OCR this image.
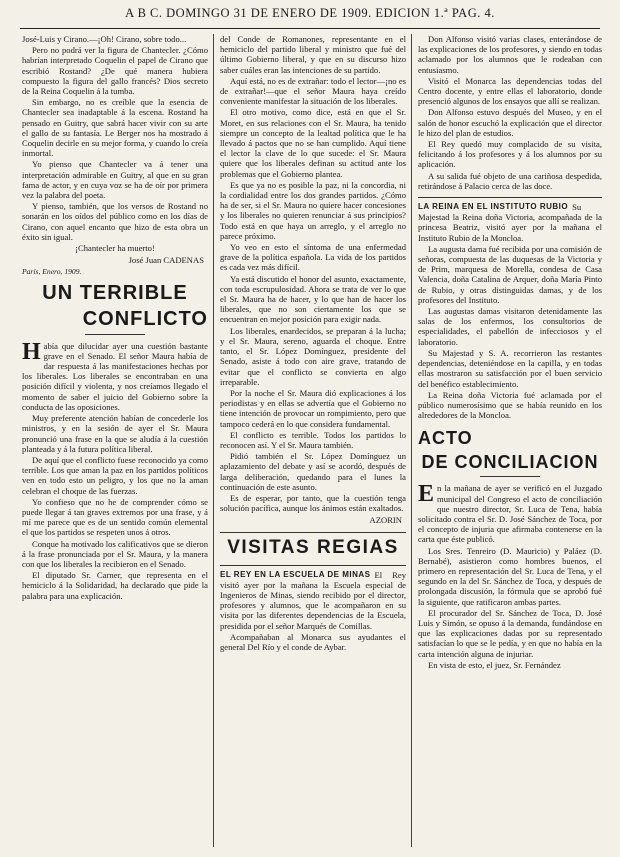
A B C. DOMINGO 31 DE ENERO DE 1909. EDICION 1.ª PAG. 4.

José-Luis y Cirano.—¡Oh! Cirano, sobre todo...

Pero no podrá ver la figura de Chantecler. ¿Cómo habrían interpretado Coquelin el papel de Cirano que escribió Rostand? ¿De qué manera hubiera compuesto la figura del gallo francés? Dios secreto de la Reina Coquelin á la tumba.

Sin embargo, no es creíble que la esencia de Chantecler sea inadaptable á la escena. Rostand ha pensado en Guitry, que sabrá hacer vivir con su arte el gallo de su fantasía. Le Berger nos ha mostrado á Coquelin decirle en su mejor forma, y cuando lo creía inmortal.

Yo pienso que Chantecler va á tener una interpretación admirable en Guitry, al que en su gran fama de actor, y en cuya voz se ha de oír por primera vez la palabra del poeta.

Y pienso, también, que los versos de Rostand no sonarán en los oídos del público como en los días de Cirano, con aquel encanto que hizo de esta obra un éxito sin igual.

¡Chantecler ha muerto!

José Juan CADENAS

París, Enero, 1909.

UN TERRIBLE
CONFLICTO

Había que dilucidar ayer una cuestión bastante grave en el Senado. El señor Maura había de dar respuesta á las manifestaciones hechas por los liberales. Los liberales se encontraban en una posición difícil y violenta, y nos creíamos llegado el momento de saber el juicio del Gobierno sobre la conducta de las oposiciones.

Muy preferente atención habían de concederle los ministros, y en la sesión de ayer el Sr. Maura pronunció una frase en la que se aludía á la cuestión planteada y á la futura política liberal.

De aquí que el conflicto fuese reconocido ya como terrible. Los que aman la paz en los partidos políticos ven en todo esto un peligro, y los que no la aman celebran el choque de las fuerzas.

Yo confieso que no he de comprender cómo se puede llegar á tan graves extremos por una frase, y á mí me parece que es de un sentido común elemental el que los partidos se respeten unos á otros.

Conque ha motivado los calificativos que se dieron á la frase pronunciada por el Sr. Maura, y la manera con que los liberales la recibieron en el Senado.

El diputado Sr. Carner, que representa en el hemiciclo á la Solidaridad, ha declarado que pide la palabra para una explicación.

del Conde de Romanones, representante en el hemiciclo del partido liberal y ministro que fué del último Gobierno liberal, y que en su discurso hizo saber cuáles eran las intenciones de su partido.

Aquí está, no es de extrañar: todo el lector—¡no es de extrañar!—que el señor Maura haya creído conveniente manifestar la situación de los liberales.

El otro motivo, como dice, está en que el Sr. Moret, en sus relaciones con el Sr. Maura, ha tenido siempre un concepto de la lealtad política que le ha llevado á pactos que no se han cumplido. Aquí tiene el lector la clave de lo que sucede: el Sr. Maura quiere que los liberales definan su actitud ante los problemas que el Gobierno plantea.

Es que ya no es posible la paz, ni la concordia, ni la cordialidad entre los dos grandes partidos. ¿Cómo ha de ser, si el Sr. Maura no quiere hacer concesiones y los liberales no quieren renunciar á sus principios? Todo está en que haya un arreglo, y el arreglo no parece próximo.

Yo veo en esto el síntoma de una enfermedad grave de la política española. La vida de los partidos es cada vez más difícil.

Ya está discutido el honor del asunto, exactamente, con toda escrupulosidad. Ahora se trata de ver lo que el Sr. Maura ha de hacer, y lo que han de hacer los liberales, que no son ciertamente los que se encuentran en mejor posición para exigir nada.

Los liberales, enardecidos, se preparan á la lucha; y el Sr. Maura, sereno, aguarda el choque. Entre tanto, el Sr. López Domínguez, presidente del Senado, asiste á todo con aire grave, tratando de evitar que el conflicto se convierta en algo irreparable.

Por la noche el Sr. Maura dió explicaciones á los periodistas y en ellas se advertía que el Gobierno no tiene intención de provocar un rompimiento, pero que tampoco cederá en lo que considera fundamental.

El conflicto es terrible. Todos los partidos lo reconocen así. Y el Sr. Maura también.

Pidió también el Sr. López Domínguez un aplazamiento del debate y así se acordó, después de larga deliberación, quedando para el lunes la continuación de este asunto.

Es de esperar, por tanto, que la cuestión tenga solución pacífica, aunque los ánimos están exaltados.

AZORIN
VISITAS REGIAS

EL REY EN LA ESCUELA DE MINAS El Rey visitó ayer por la mañana la Escuela especial de Ingenieros de Minas, siendo recibido por el director, profesores y alumnos, que le acompañaron en su visita por las diferentes dependencias de la Escuela, presidida por el señor Marqués de Comillas.

Acompañaban al Monarca sus ayudantes el general Del Río y el conde de Aybar.

Don Alfonso visitó varias clases, enterándose de las explicaciones de los profesores, y siendo en todas aclamado por los alumnos que le rodeaban con entusiasmo.

Visitó el Monarca las dependencias todas del Centro docente, y entre ellas el laboratorio, donde presenció algunos de los ensayos que allí se realizan.

Don Alfonso estuvo después del Museo, y en el salón de honor escuchó la explicación que el director le hizo del plan de estudios.

El Rey quedó muy complacido de su visita, felicitando á los profesores y á los alumnos por su aplicación.

A su salida fué objeto de una cariñosa despedida, retirándose á Palacio cerca de las doce.

LA REINA EN EL INSTITUTO RUBIO Su Majestad la Reina doña Victoria, acompañada de la princesa Beatriz, visitó ayer por la mañana el Instituto Rubio de la Moncloa.

La augusta dama fué recibida por una comisión de señoras, compuesta de las duquesas de la Victoria y de Prim, marquesa de Morella, condesa de Casa Valencia, doña Catalina de Arquer, doña María Pinto de Rubio, y otras distinguidas damas, y de los profesores del Instituto.

Las augustas damas visitaron detenidamente las salas de los enfermos, los consultorios de especialidades, el pabellón de infecciosos y el laboratorio.

Su Majestad y S. A. recorrieron las restantes dependencias, deteniéndose en la capilla, y en todas ellas mostraron su satisfacción por el buen servicio del benéfico establecimiento.

La Reina doña Victoria fué aclamada por el público numerosísimo que se había reunido en los alrededores de la Moncloa.

ACTO
DE CONCILIACION

En la mañana de ayer se verificó en el Juzgado municipal del Congreso el acto de conciliación que nuestro director, Sr. Luca de Tena, había solicitado contra el Sr. D. José Sánchez de Toca, por el concepto de injuria que afirmaba contenerse en la carta que éste publicó.

Los Sres. Tenreiro (D. Mauricio) y Paláez (D. Bernabé), asistieron como hombres buenos, el primero en representación del Sr. Luca de Tena, y el segundo en la del Sr. Sánchez de Toca, y después de prolongada discusión, la fórmula que se aprobó fué la siguiente, que ratificaron ambas partes.

El procurador del Sr. Sánchez de Toca, D. José Luis y Simón, se opuso á la demanda, fundándose en que las explicaciones dadas por su representado satisfacían lo que se le pedía, y en que no había en la carta intención alguna de injuriar.

En vista de esto, el juez, Sr. Fernández
